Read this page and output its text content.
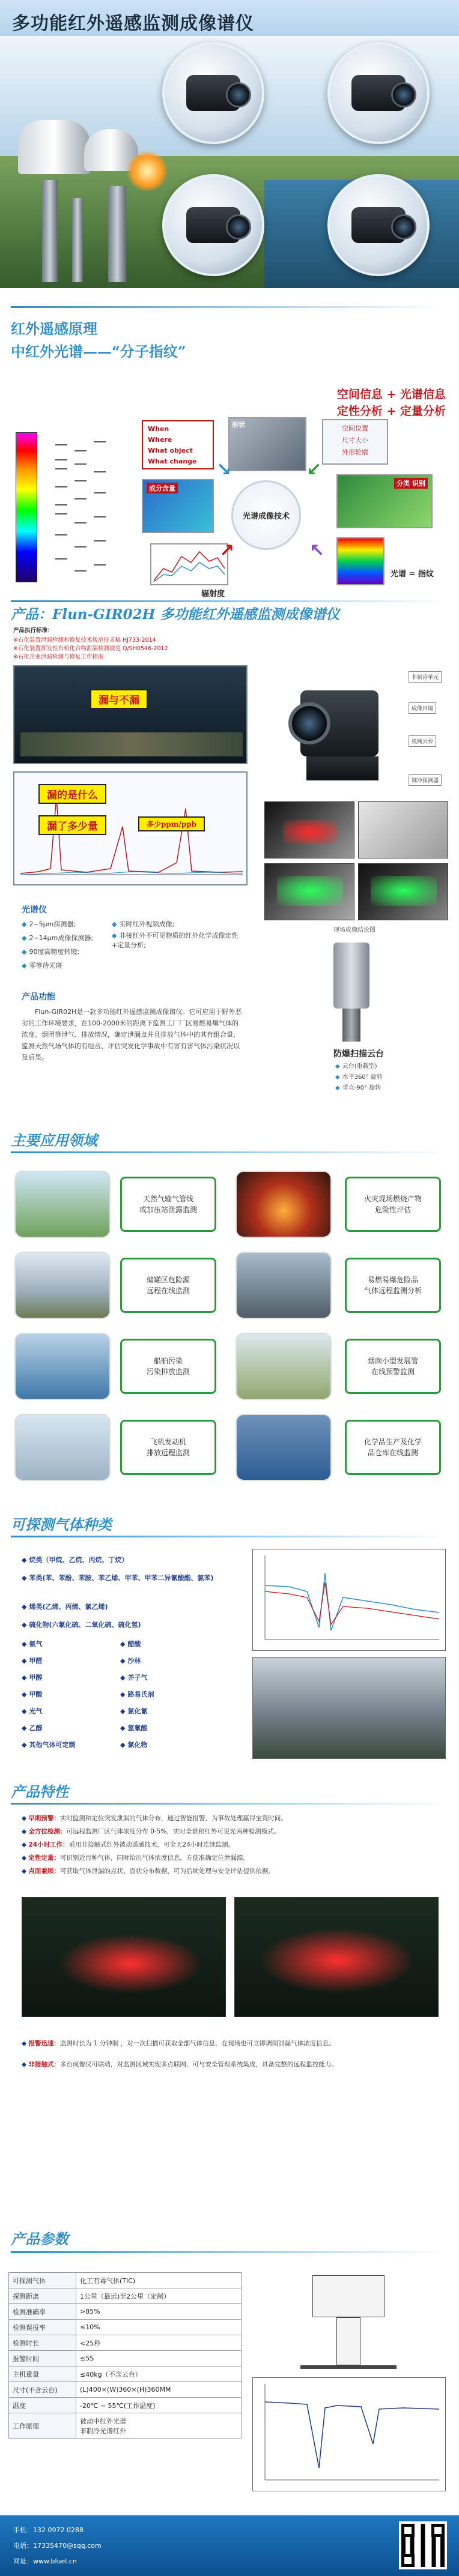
多功能红外遥感监测成像谱仪
红外遥感原理
中红外光谱——“分子指纹”
空间信息 + 光谱信息
定性分析 + 定量分析
When
Where
What object
What change
形状	空间位置
尺寸大小
外形轮廓
成分含量
光谱成像技术
分类 识别
辐射度
光谱 = 指纹
↘	↙
↗	↖
产品：Flun-GIR02H 多功能红外遥感监测成像谱仪
产品执行标准：
※石化装置泄漏检测和修复技术规范征求稿 HJ733-2014
※石化装置挥发性有机化合物泄漏检测规范 Q/SH0546-2012
※石化企业泄漏检测与修复工作指南
漏与不漏
漏的是什么
漏了多少量	多少ppm/ppb
非制冷单元
成像目镜
机械云台
制冷探测器
现场成像结论图
光谱仪
◆ 2~5μm探测器;
◆ 2~14μm成像探测器;
◆ 90度高精度转镜;
◆ 零等待光斑
◆ 实时红外视频成像;
◆ 非接红外不可见物质的红外化学成像定性+定量分析;
产品功能
Flun-GIR02H是一款多功能红外遥感监测成像谱仪。它可应用于野外恶劣的工作环境要求，在100-2000米的距离下监测工厂厂区易燃易爆气体的浓度、烟团等泄气、排放情况，确定泄漏点并且排放气体中的其有组合量、监测天然气场气体的有组合、评估突发化学事故中有害有害气体污染状况以及后果。	防爆扫描云台
◆ 云台(重载型)
◆ 水平360° 旋转
◆ 垂直-90° 旋转
主要应用领域
天然气输气管线
或加压站泄露监测
火灾现场燃烧产物
危险性评估
储罐区危险源
远程在线监测
易燃易爆危险品
气体远程监测分析
船舶污染
污染排放监测
烟囱小型发展管
在线预警监测
飞机发动机
排放远程监测
化学品生产及化学
品仓库在线监测
可探测气体种类
◆ 烷类（甲烷、乙烷、丙烷、丁烷）
◆ 苯类(苯、苯酚、苯胺、苯乙烯、甲苯、甲苯二异氰酸酯、氯苯)
◆ 烯类(乙烯、丙烯、氯乙烯)
◆ 硫化物(六氟化硫、二氧化硫、硫化氢)
◆ 氨气
◆ 甲醛
◆ 甲醇
◆ 甲酸
◆ 光气
◆ 乙醇
◆ 其他气体可定制
◆ 醋酸
◆ 沙林
◆ 芥子气
◆ 路易氏剂
◆ 氯化氰
◆ 氢氰酸
◆ 氯化物
产品特性
◆ 早期预警：实时监测和定位突发泄漏的气体分布，通过智能报警，为事故处理赢得宝贵时间。
◆ 全方位检测：可远程监测厂区气体浓度分布 0-5%，实时全景和红外可见光两种检测模式。
◆ 24小时工作：采用非接触式红外被动遥感技术，可全天24小时连续监测。
◆ 定性定量：可识别近百种气体，同时给出气体浓度信息，方便准确定位泄漏源。
◆ 点面兼顾：可获取气体泄漏的点状、面状分布数据，可为后续处理与安全评估提供依据。
◆ 报警迅速：监测时长为 1 分钟制 ，对一次扫描可获取全部气体信息，在现场也可立即调阅泄漏气体浓度信息。
◆ 非接触式：多台成像仪可联动，对监测区域实现多点联网，可与安全管理系统集成，具备完整的远程监控能力。
产品参数
可探测气体	化工有毒气体(TIC)
探测距离	1公里（最远)至2公里（定制）
检测准确率	>85%
检测误报率	≤10%
检测时长	<25秒
报警时间	≤5S
主机重量	≤40kg（不含云台）
尺寸(不含云台)	(L)400×(W)360×(H)360MM
温度	-20℃ ~ 55℃(工作温度)
工作原理	被动中红外光谱
非制冷光谱红外
手机：132 0972 0288
电话：17335470@sqq.com
网址：www.bluel.cn
